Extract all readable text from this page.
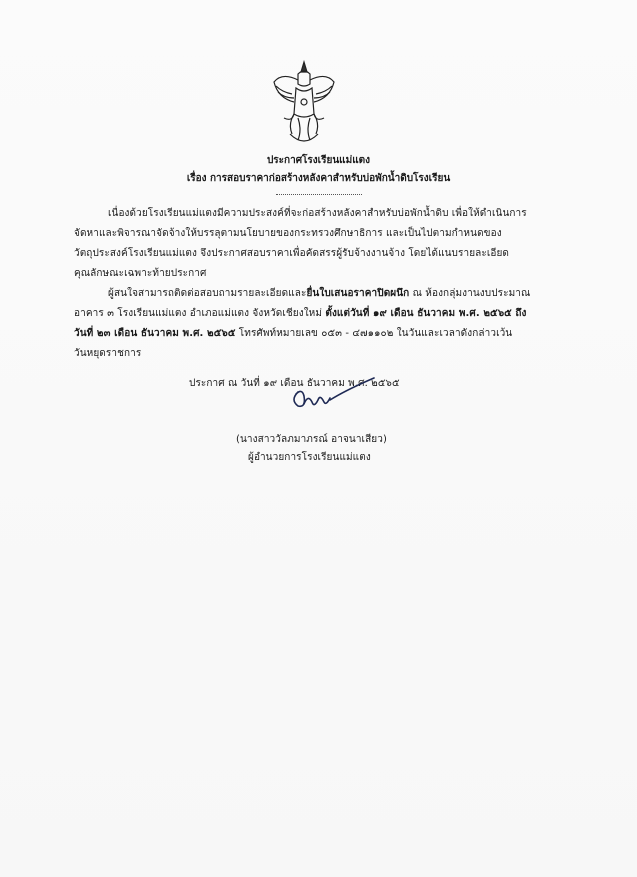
ประกาศโรงเรียนแม่แตง
เรื่อง การสอบราคาก่อสร้างหลังคาสำหรับบ่อพักน้ำดิบโรงเรียน
เนื่องด้วยโรงเรียนแม่แตงมีความประสงค์ที่จะก่อสร้างหลังคาสำหรับบ่อพักน้ำดิบ เพื่อให้ดำเนินการ
จัดหาและพิจารณาจัดจ้างให้บรรลุตามนโยบายของกระทรวงศึกษาธิการ และเป็นไปตามกำหนดของ
วัตถุประสงค์โรงเรียนแม่แตง จึงประกาศสอบราคาเพื่อคัดสรรผู้รับจ้างงานจ้าง โดยได้แนบรายละเอียด
คุณลักษณะเฉพาะท้ายประกาศ
ผู้สนใจสามารถติดต่อสอบถามรายละเอียดและยื่นใบเสนอราคาปิดผนึก ณ ห้องกลุ่มงานงบประมาณ
อาคาร ๓ โรงเรียนแม่แตง อำเภอแม่แตง จังหวัดเชียงใหม่ ตั้งแต่วันที่ ๑๙ เดือน ธันวาคม พ.ศ. ๒๕๖๕ ถึง
วันที่ ๒๓ เดือน ธันวาคม พ.ศ. ๒๕๖๕ โทรศัพท์หมายเลข ๐๕๓ - ๔๗๑๑๐๒ ในวันและเวลาดังกล่าวเว้น
วันหยุดราชการ
ประกาศ ณ วันที่ ๑๙ เดือน ธันวาคม พ.ศ. ๒๕๖๕
(นางสาววัลภมาภรณ์ อาจนาเสียว)
ผู้อำนวยการโรงเรียนแม่แตง
